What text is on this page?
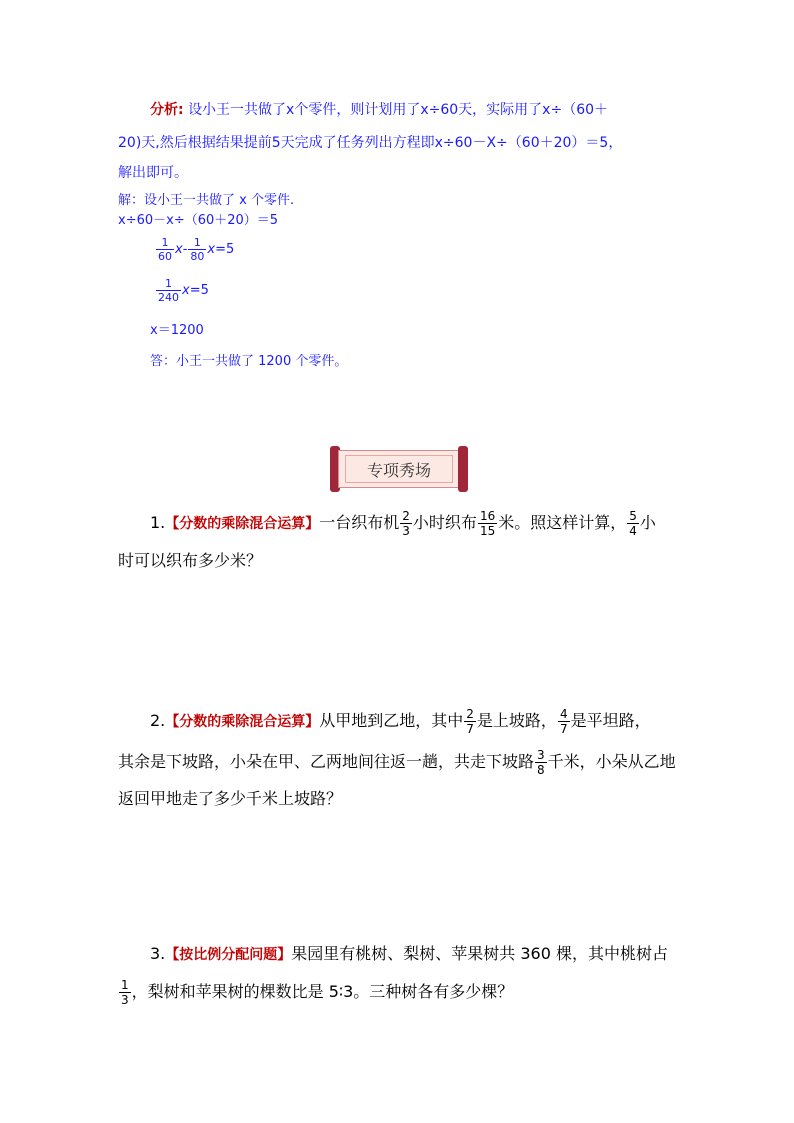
分析: 设小王一共做了x个零件，则计划用了x÷60天，实际用了x÷（60＋
20)天,然后根据结果提前5天完成了任务列出方程即x÷60－X÷（60＋20）＝5，
解出即可。
解：设小王一共做了 x 个零件.
x÷60－x÷（60＋20）＝5
$\frac{1}{60} x- \frac{1}{80} x=5$
$\frac{1}{240} x=5$
x＝1200
答：小王一共做了 1200 个零件。
专项秀场
1.【分数的乘除混合运算】一台织布机 $\frac{2}{3}$ 小时织布 $\frac{16}{15}$ 米。照这样计算， $\frac{5}{4}$ 小
时可以织布多少米？
2.【分数的乘除混合运算】从甲地到乙地，其中 $\frac{2}{7}$ 是上坡路， $\frac{4}{7}$ 是平坦路，
其余是下坡路，小朵在甲、乙两地间往返一趟，共走下坡路 $\frac{3}{8}$ 千米，小朵从乙地
返回甲地走了多少千米上坡路？
3.【按比例分配问题】果园里有桃树、梨树、苹果树共 360 棵，其中桃树占
$\frac{1}{3}$ ，梨树和苹果树的棵数比是 5∶3。三种树各有多少棵？
